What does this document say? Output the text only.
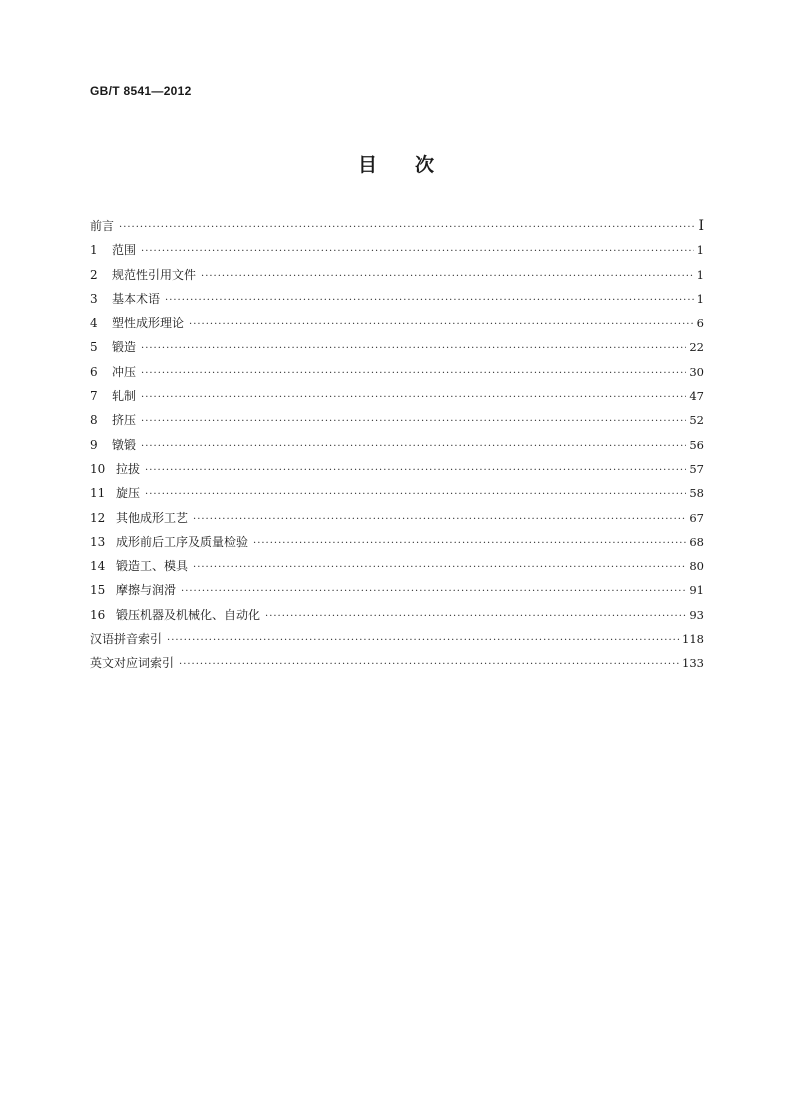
GB/T 8541—2012
目 次
前言 ·····	I
1	范围 ·····	1
2	规范性引用文件 ·····	1
3	基本术语 ·····	1
4	塑性成形理论 ·····	6
5	锻造 ·····	22
6	冲压 ·····	30
7	轧制 ·····	47
8	挤压 ·····	52
9	镦锻 ·····	56
10 拉拔 ·····	57
11 旋压 ·····	58
12 其他成形工艺 ·····	67
13 成形前后工序及质量检验 ·····	68
14 锻造工、模具 ·····	80
15 摩擦与润滑 ·····	91
16 锻压机器及机械化、自动化 ·····	93
汉语拼音索引 ·····	118
英文对应词索引 ·····	133
